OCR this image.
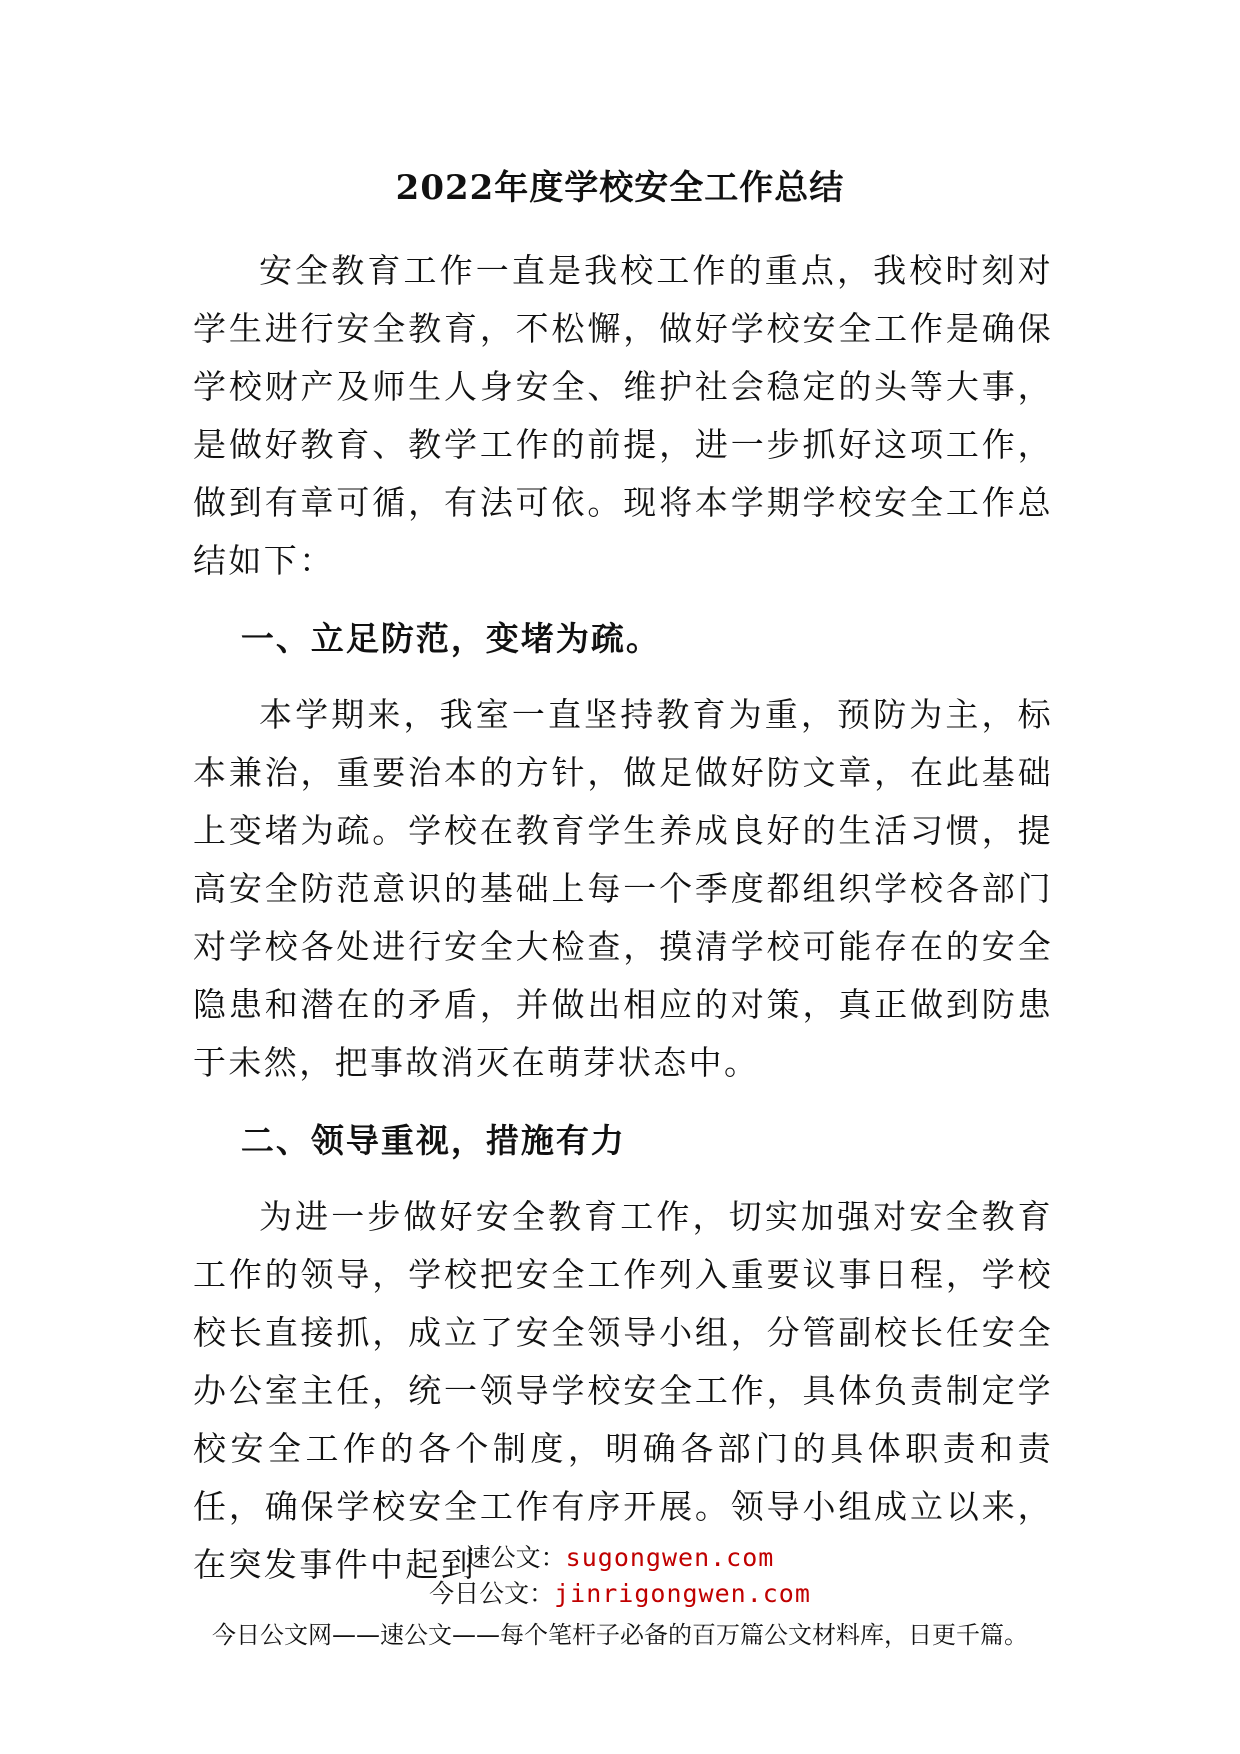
2022年度学校安全工作总结

安全教育工作一直是我校工作的重点，我校时刻对学生进行安全教育，不松懈，做好学校安全工作是确保学校财产及师生人身安全、维护社会稳定的头等大事，是做好教育、教学工作的前提，进一步抓好这项工作，做到有章可循，有法可依。现将本学期学校安全工作总结如下：

一、立足防范，变堵为疏。

本学期来，我室一直坚持教育为重，预防为主，标本兼治，重要治本的方针，做足做好防文章，在此基础上变堵为疏。学校在教育学生养成良好的生活习惯，提高安全防范意识的基础上每一个季度都组织学校各部门对学校各处进行安全大检查，摸清学校可能存在的安全隐患和潜在的矛盾，并做出相应的对策，真正做到防患于未然，把事故消灭在萌芽状态中。

二、领导重视，措施有力

为进一步做好安全教育工作，切实加强对安全教育工作的领导，学校把安全工作列入重要议事日程，学校校长直接抓，成立了安全领导小组，分管副校长任安全办公室主任，统一领导学校安全工作，具体负责制定学校安全工作的各个制度，明确各部门的具体职责和责任，确保学校安全工作有序开展。领导小组成立以来，在突发事件中起到

速公文：sugongwen.com
今日公文：jinrigongwen.com
今日公文网——速公文——每个笔杆子必备的百万篇公文材料库，日更千篇。
